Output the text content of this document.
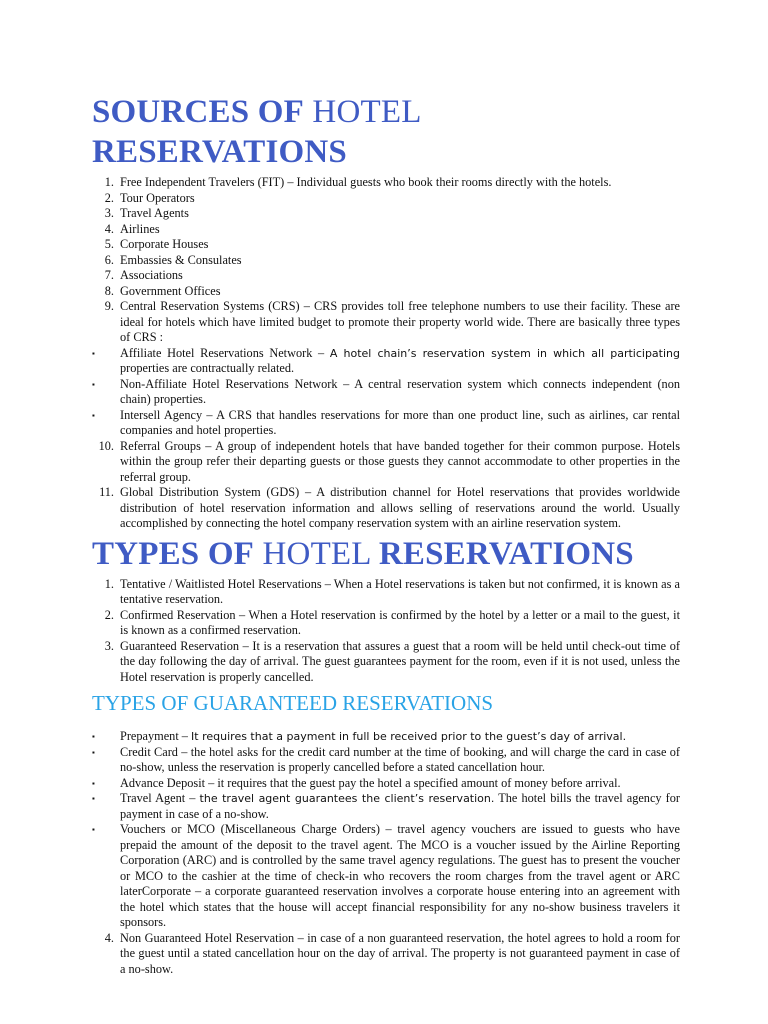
SOURCES OF HOTEL RESERVATIONS
1. Free Independent Travelers (FIT) – Individual guests who book their rooms directly with the hotels.
2. Tour Operators
3. Travel Agents
4. Airlines
5. Corporate Houses
6. Embassies & Consulates
7. Associations
8. Government Offices
9. Central Reservation Systems (CRS) – CRS provides toll free telephone numbers to use their facility. These are ideal for hotels which have limited budget to promote their property world wide. There are basically three types of CRS :
▪	Affiliate Hotel Reservations Network – A hotel chain’s reservation system in which all participating properties are contractually related.
▪	Non-Affiliate Hotel Reservations Network – A central reservation system which connects independent (non chain) properties.
▪	Intersell Agency – A CRS that handles reservations for more than one product line, such as airlines, car rental companies and hotel properties.
10. Referral Groups – A group of independent hotels that have banded together for their common purpose. Hotels within the group refer their departing guests or those guests they cannot accommodate to other properties in the referral group.
11. Global Distribution System (GDS) – A distribution channel for Hotel reservations that provides worldwide distribution of hotel reservation information and allows selling of reservations around the world. Usually accomplished by connecting the hotel company reservation system with an airline reservation system.
TYPES OF HOTEL RESERVATIONS
1. Tentative / Waitlisted Hotel Reservations – When a Hotel reservations is taken but not confirmed, it is known as a tentative reservation.
2. Confirmed Reservation – When a Hotel reservation is confirmed by the hotel by a letter or a mail to the guest, it is known as a confirmed reservation.
3. Guaranteed Reservation – It is a reservation that assures a guest that a room will be held until check-out time of the day following the day of arrival. The guest guarantees payment for the room, even if it is not used, unless the Hotel reservation is properly cancelled.
TYPES OF GUARANTEED RESERVATIONS
▪	Prepayment – It requires that a payment in full be received prior to the guest’s day of arrival.
▪	Credit Card – the hotel asks for the credit card number at the time of booking, and will charge the card in case of no-show, unless the reservation is properly cancelled before a stated cancellation hour.
▪	Advance Deposit – it requires that the guest pay the hotel a specified amount of money before arrival.
▪	Travel Agent – the travel agent guarantees the client’s reservation. The hotel bills the travel agency for payment in case of a no-show.
▪	Vouchers or MCO (Miscellaneous Charge Orders) – travel agency vouchers are issued to guests who have prepaid the amount of the deposit to the travel agent. The MCO is a voucher issued by the Airline Reporting Corporation (ARC) and is controlled by the same travel agency regulations. The guest has to present the voucher or MCO to the cashier at the time of check-in who recovers the room charges from the travel agent or ARC laterCorporate – a corporate guaranteed reservation involves a corporate house entering into an agreement with the hotel which states that the house will accept financial responsibility for any no-show business travelers it sponsors.
4. Non Guaranteed Hotel Reservation – in case of a non guaranteed reservation, the hotel agrees to hold a room for the guest until a stated cancellation hour on the day of arrival. The property is not guaranteed payment in case of a no-show.
